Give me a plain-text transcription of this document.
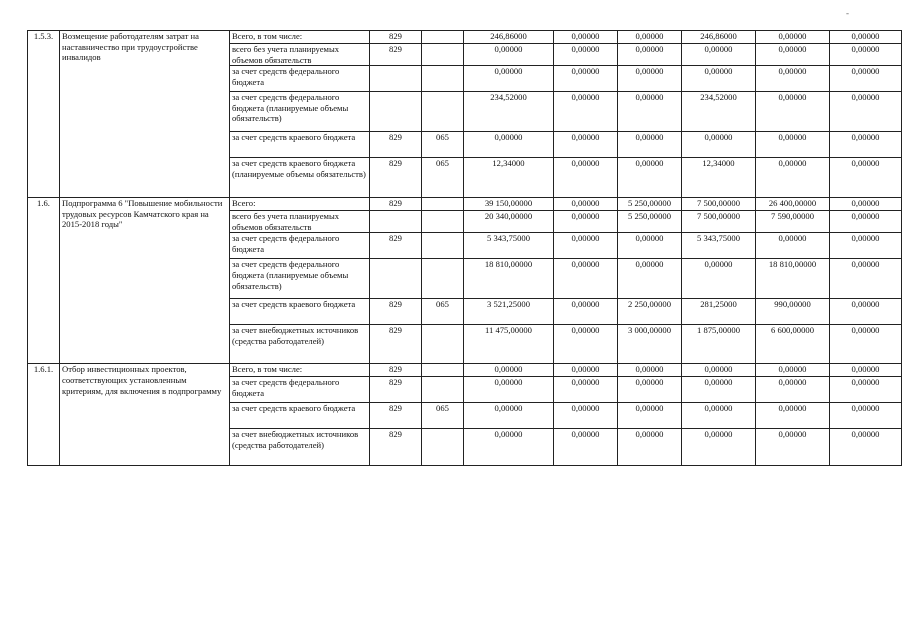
-
1.5.3.	Возмещение работодателям затрат на наставничество при трудоустройстве инвалидов	Всего, в том числе:	829		246,86000	0,00000	0,00000	246,86000	0,00000	0,00000
		всего без учета планируемых объемов обязательств	829		0,00000	0,00000	0,00000	0,00000	0,00000	0,00000
		за счет средств федерального бюджета			0,00000	0,00000	0,00000	0,00000	0,00000	0,00000
		за счет средств федерального бюджета (планируемые объемы обязательств)			234,52000	0,00000	0,00000	234,52000	0,00000	0,00000
		за счет средств краевого бюджета	829	065	0,00000	0,00000	0,00000	0,00000	0,00000	0,00000
		за счет средств краевого бюджета (планируемые объемы обязательств)	829	065	12,34000	0,00000	0,00000	12,34000	0,00000	0,00000
1.6.	Подпрограмма 6 "Повышение мобильности трудовых ресурсов Камчатского края на 2015-2018 годы"	Всего:	829		39 150,00000	0,00000	5 250,00000	7 500,00000	26 400,00000	0,00000
		всего без учета планируемых объемов обязательств			20 340,00000	0,00000	5 250,00000	7 500,00000	7 590,00000	0,00000
		за счет средств федерального бюджета	829		5 343,75000	0,00000	0,00000	5 343,75000	0,00000	0,00000
		за счет средств федерального бюджета (планируемые объемы обязательств)			18 810,00000	0,00000	0,00000	0,00000	18 810,00000	0,00000
		за счет средств краевого бюджета	829	065	3 521,25000	0,00000	2 250,00000	281,25000	990,00000	0,00000
		за счет внебюджетных источников (средства работодателей)	829		11 475,00000	0,00000	3 000,00000	1 875,00000	6 600,00000	0,00000
1.6.1.	Отбор инвестиционных проектов, соответствующих установленным критериям, для включения в подпрограмму	Всего, в том числе:	829		0,00000	0,00000	0,00000	0,00000	0,00000	0,00000
		за счет средств федерального бюджета	829		0,00000	0,00000	0,00000	0,00000	0,00000	0,00000
		за счет средств краевого бюджета	829	065	0,00000	0,00000	0,00000	0,00000	0,00000	0,00000
		за счет внебюджетных источников (средства работодателей)	829		0,00000	0,00000	0,00000	0,00000	0,00000	0,00000
